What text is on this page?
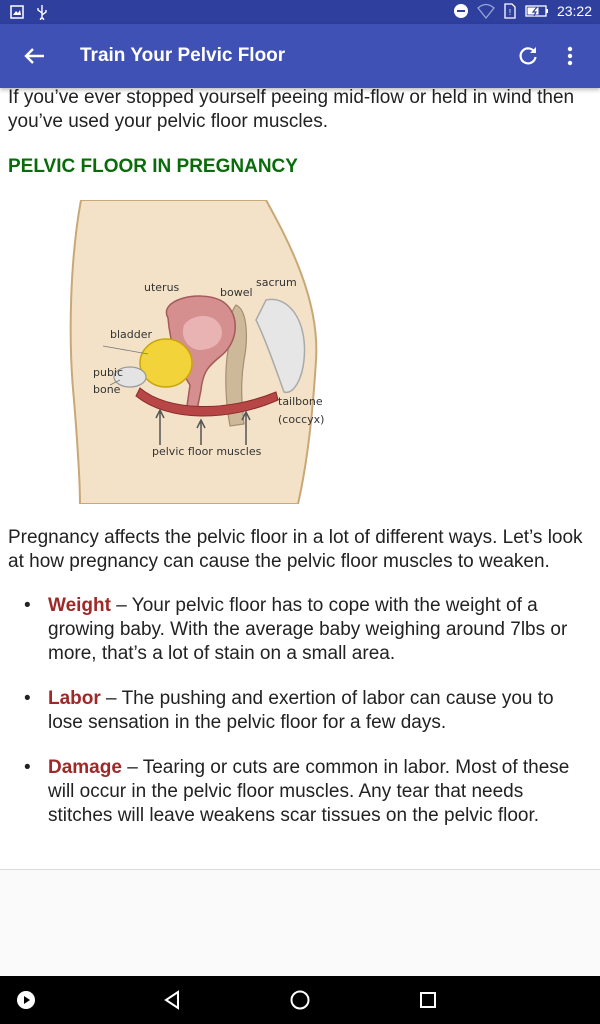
!	23:22
Train Your Pelvic Floor

If you’ve ever stopped yourself peeing mid-flow or held in wind then you’ve used your pelvic floor muscles.

PELVIC FLOOR IN PREGNANCY
uterus	bowel
sacrum
bladder
pubic
bone
tailbone
(coccyx)
pelvic floor muscles

Pregnancy affects the pelvic floor in a lot of different ways. Let’s look at how pregnancy can cause the pelvic floor muscles to weaken.

• Weight – Your pelvic floor has to cope with the weight of a growing baby. With the average baby weighing around 7lbs or more, that’s a lot of stain on a small area.
• Labor – The pushing and exertion of labor can cause you to lose sensation in the pelvic floor for a few days.
• Damage – Tearing or cuts are common in labor. Most of these will occur in the pelvic floor muscles. Any tear that needs stitches will leave weakens scar tissues on the pelvic floor.
